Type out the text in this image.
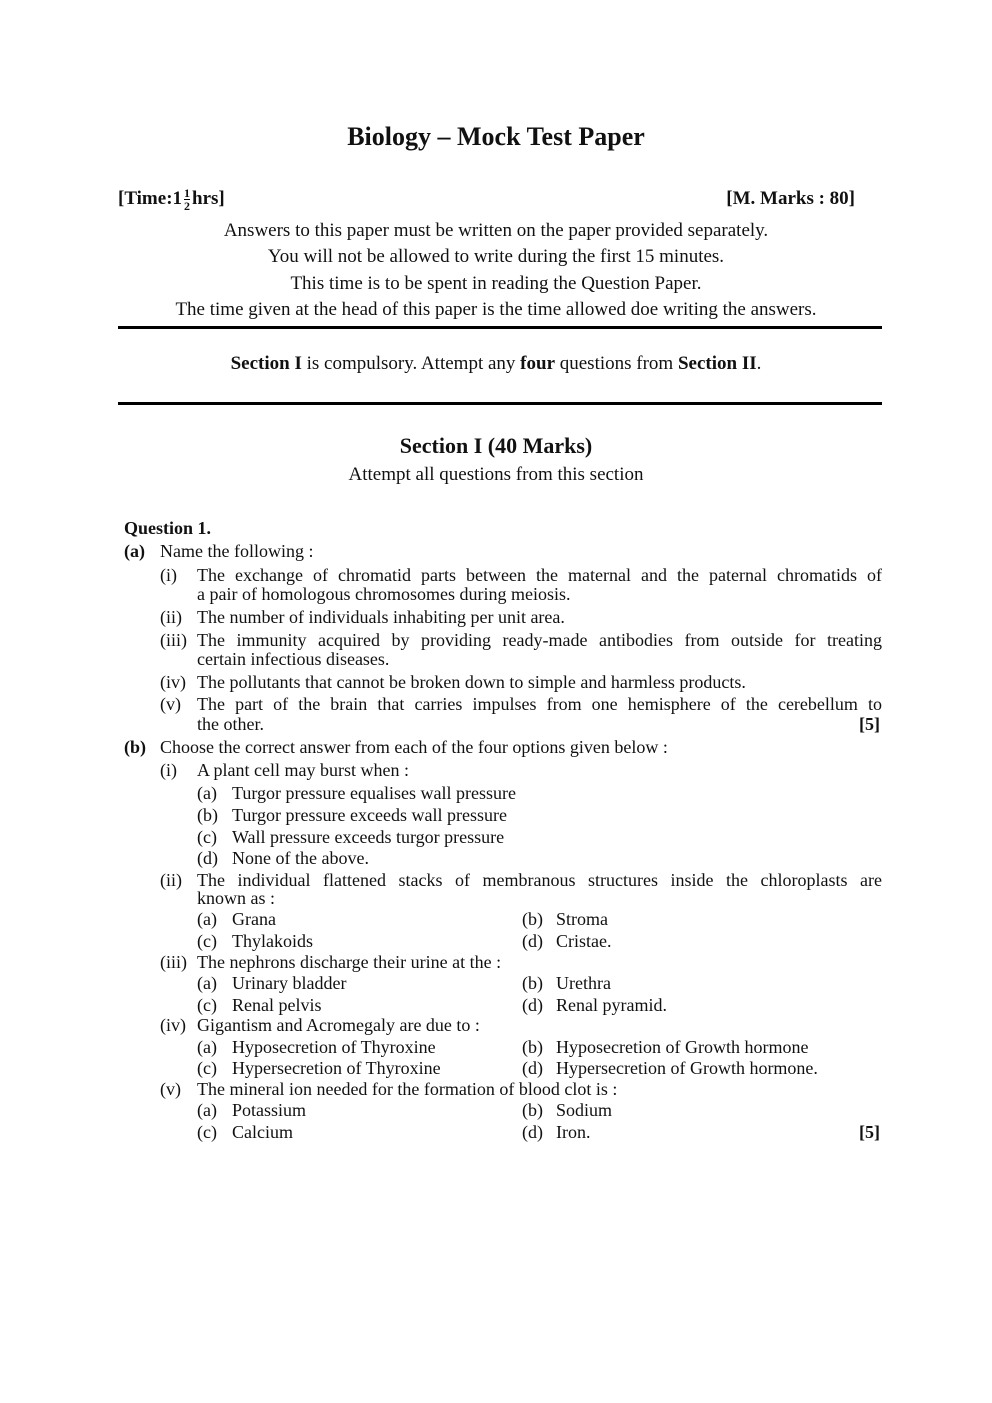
Biology – Mock Test Paper
[Time:1 $\frac{1}{2} hrs$]	[M. Marks : 80]
Answers to this paper must be written on the paper provided separately.
You will not be allowed to write during the first 15 minutes.
This time is to be spent in reading the Question Paper.
The time given at the head of this paper is the time allowed doe writing the answers.
Section I is compulsory. Attempt any four questions from Section II.
Section I (40 Marks)
Attempt all questions from this section
Question 1.
(a) Name the following :
(i) The exchange of chromatid parts between the maternal and the paternal chromatids of
a pair of homologous chromosomes during meiosis.
(ii) The number of individuals inhabiting per unit area.
(iii) The immunity acquired by providing ready-made antibodies from outside for treating
certain infectious diseases.
(iv) The pollutants that cannot be broken down to simple and harmless products.
(v) The part of the brain that carries impulses from one hemisphere of the cerebellum to
the other.	[5]
(b) Choose the correct answer from each of the four options given below :
(i) A plant cell may burst when :
(a) Turgor pressure equalises wall pressure
(b) Turgor pressure exceeds wall pressure
(c) Wall pressure exceeds turgor pressure
(d) None of the above.
(ii) The individual flattened stacks of membranous structures inside the chloroplasts are
known as :
(a) Grana	(b) Stroma
(c) Thylakoids	(d) Cristae.
(iii) The nephrons discharge their urine at the :
(a) Urinary bladder	(b) Urethra
(c) Renal pelvis	(d) Renal pyramid.
(iv) Gigantism and Acromegaly are due to :
(a) Hyposecretion of Thyroxine	(b) Hyposecretion of Growth hormone
(c) Hypersecretion of Thyroxine	(d) Hypersecretion of Growth hormone.
(v) The mineral ion needed for the formation of blood clot is :
(a) Potassium	(b) Sodium
(c) Calcium	(d) Iron.	[5]
